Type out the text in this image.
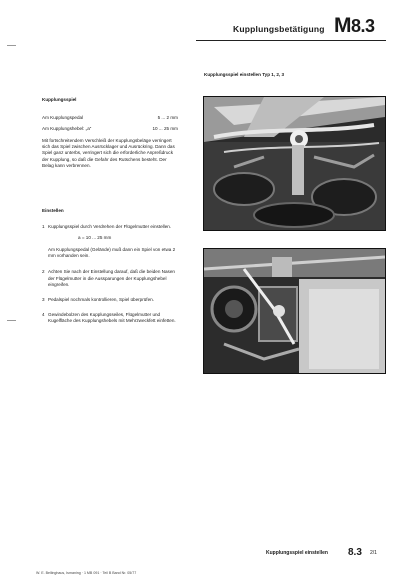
Kupplungsbetätigung M8.3
Kupplungsspiel einstellen Typ 1, 2, 3
Kupplungsspiel
Am Kupplungspedal	5 ... 2 mm
Am Kupplungshebel: „a“	10 ... 25 mm
Mit fortschreitendem Verschleiß der Kupplungsbeläge verringert sich das Spiel zwischen Ausrücklager und Ausrückring. Dann das Spiel ganz unterbs, verringert sich die erforderliche Anpreßdruck der Kupplung, so daß die Gefahr des Rutschens besteht. Der Belag kann verbrennen.
Einstellen
1 Kupplungsspiel durch Verdrehen der Flügelmutter einstellen.
a = 10 ... 25 mm
Am Kupplungspedal (Gelände) muß dann ein Spiel von etwa 2 mm vorhanden sein.
2 Achten Sie nach der Einstellung darauf, daß die beiden Nasen der Flügelmutter in die Aussparungen der Kupplungshebel eingreifen.
3 Pedalspiel nochmals kontrollieren, Spiel überprüfen.
4 Gewindebolzen des Kupplungsseiles, Flügelmutter und Kugelfläche des Kupplungshebels mit Mehrzweckfett einfetten.
Kupplungsspiel einstellen 8.3 2/1
W. E. Bellinghaus, Ismaning · 1 MB 091 · Teil B Band Nr. 05/77
